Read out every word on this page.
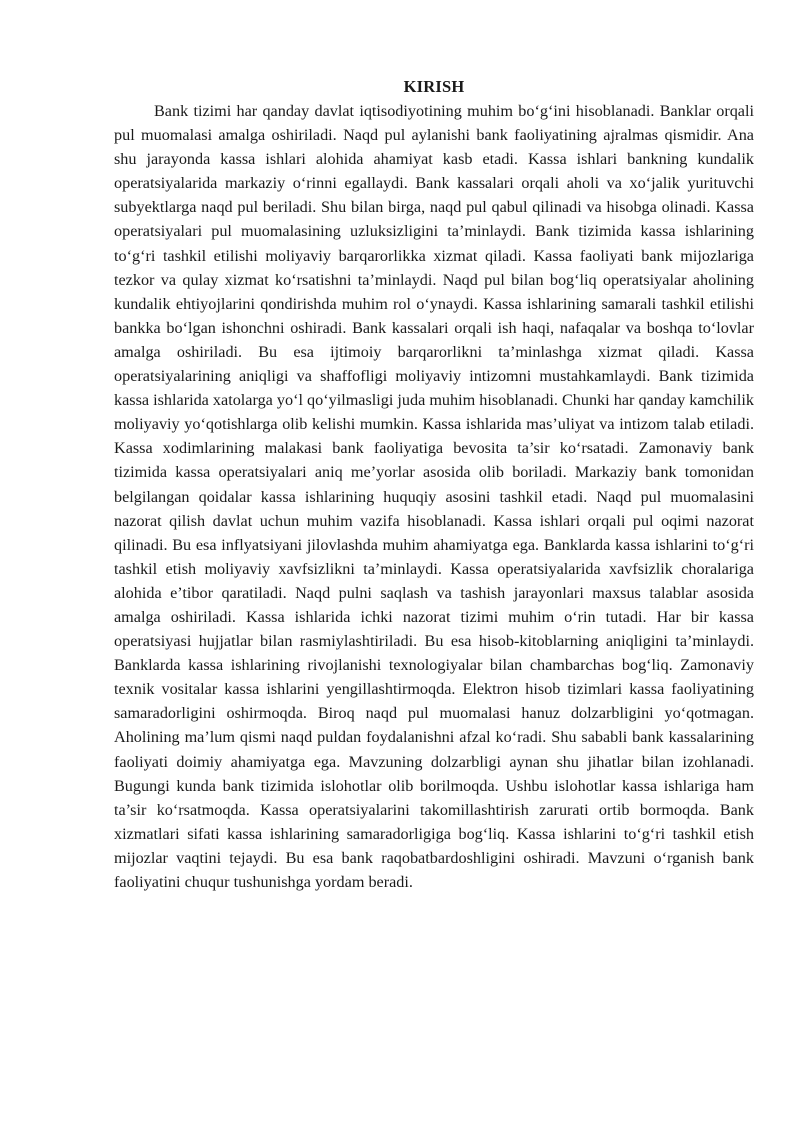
KIRISH

Bank tizimi har qanday davlat iqtisodiyotining muhim bo‘g‘ini hisoblanadi. Banklar orqali pul muomalasi amalga oshiriladi. Naqd pul aylanishi bank faoliyatining ajralmas qismidir. Ana shu jarayonda kassa ishlari alohida ahamiyat kasb etadi. Kassa ishlari bankning kundalik operatsiyalarida markaziy o‘rinni egallaydi. Bank kassalari orqali aholi va xo‘jalik yurituvchi subyektlarga naqd pul beriladi. Shu bilan birga, naqd pul qabul qilinadi va hisobga olinadi. Kassa operatsiyalari pul muomalasining uzluksizligini ta’minlaydi. Bank tizimida kassa ishlarining to‘g‘ri tashkil etilishi moliyaviy barqarorlikka xizmat qiladi. Kassa faoliyati bank mijozlariga tezkor va qulay xizmat ko‘rsatishni ta’minlaydi. Naqd pul bilan bog‘liq operatsiyalar aholining kundalik ehtiyojlarini qondirishda muhim rol o‘ynaydi. Kassa ishlarining samarali tashkil etilishi bankka bo‘lgan ishonchni oshiradi. Bank kassalari orqali ish haqi, nafaqalar va boshqa to‘lovlar amalga oshiriladi. Bu esa ijtimoiy barqarorlikni ta’minlashga xizmat qiladi. Kassa operatsiyalarining aniqligi va shaffofligi moliyaviy intizomni mustahkamlaydi. Bank tizimida kassa ishlarida xatolarga yo‘l qo‘yilmasligi juda muhim hisoblanadi. Chunki har qanday kamchilik moliyaviy yo‘qotishlarga olib kelishi mumkin. Kassa ishlarida mas’uliyat va intizom talab etiladi. Kassa xodimlarining malakasi bank faoliyatiga bevosita ta’sir ko‘rsatadi. Zamonaviy bank tizimida kassa operatsiyalari aniq me’yorlar asosida olib boriladi. Markaziy bank tomonidan belgilangan qoidalar kassa ishlarining huquqiy asosini tashkil etadi. Naqd pul muomalasini nazorat qilish davlat uchun muhim vazifa hisoblanadi. Kassa ishlari orqali pul oqimi nazorat qilinadi. Bu esa inflyatsiyani jilovlashda muhim ahamiyatga ega. Banklarda kassa ishlarini to‘g‘ri tashkil etish moliyaviy xavfsizlikni ta’minlaydi. Kassa operatsiyalarida xavfsizlik choralariga alohida e’tibor qaratiladi. Naqd pulni saqlash va tashish jarayonlari maxsus talablar asosida amalga oshiriladi. Kassa ishlarida ichki nazorat tizimi muhim o‘rin tutadi. Har bir kassa operatsiyasi hujjatlar bilan rasmiylashtiriladi. Bu esa hisob-kitoblarning aniqligini ta’minlaydi. Banklarda kassa ishlarining rivojlanishi texnologiyalar bilan chambarchas bog‘liq. Zamonaviy texnik vositalar kassa ishlarini yengillashtirmoqda. Elektron hisob tizimlari kassa faoliyatining samaradorligini oshirmoqda. Biroq naqd pul muomalasi hanuz dolzarbligini yo‘qotmagan. Aholining ma’lum qismi naqd puldan foydalanishni afzal ko‘radi. Shu sababli bank kassalarining faoliyati doimiy ahamiyatga ega. Mavzuning dolzarbligi aynan shu jihatlar bilan izohlanadi. Bugungi kunda bank tizimida islohotlar olib borilmoqda. Ushbu islohotlar kassa ishlariga ham ta’sir ko‘rsatmoqda. Kassa operatsiyalarini takomillashtirish zarurati ortib bormoqda. Bank xizmatlari sifati kassa ishlarining samaradorligiga bog‘liq. Kassa ishlarini to‘g‘ri tashkil etish mijozlar vaqtini tejaydi. Bu esa bank raqobatbardoshligini oshiradi. Mavzuni o‘rganish bank faoliyatini chuqur tushunishga yordam beradi.
